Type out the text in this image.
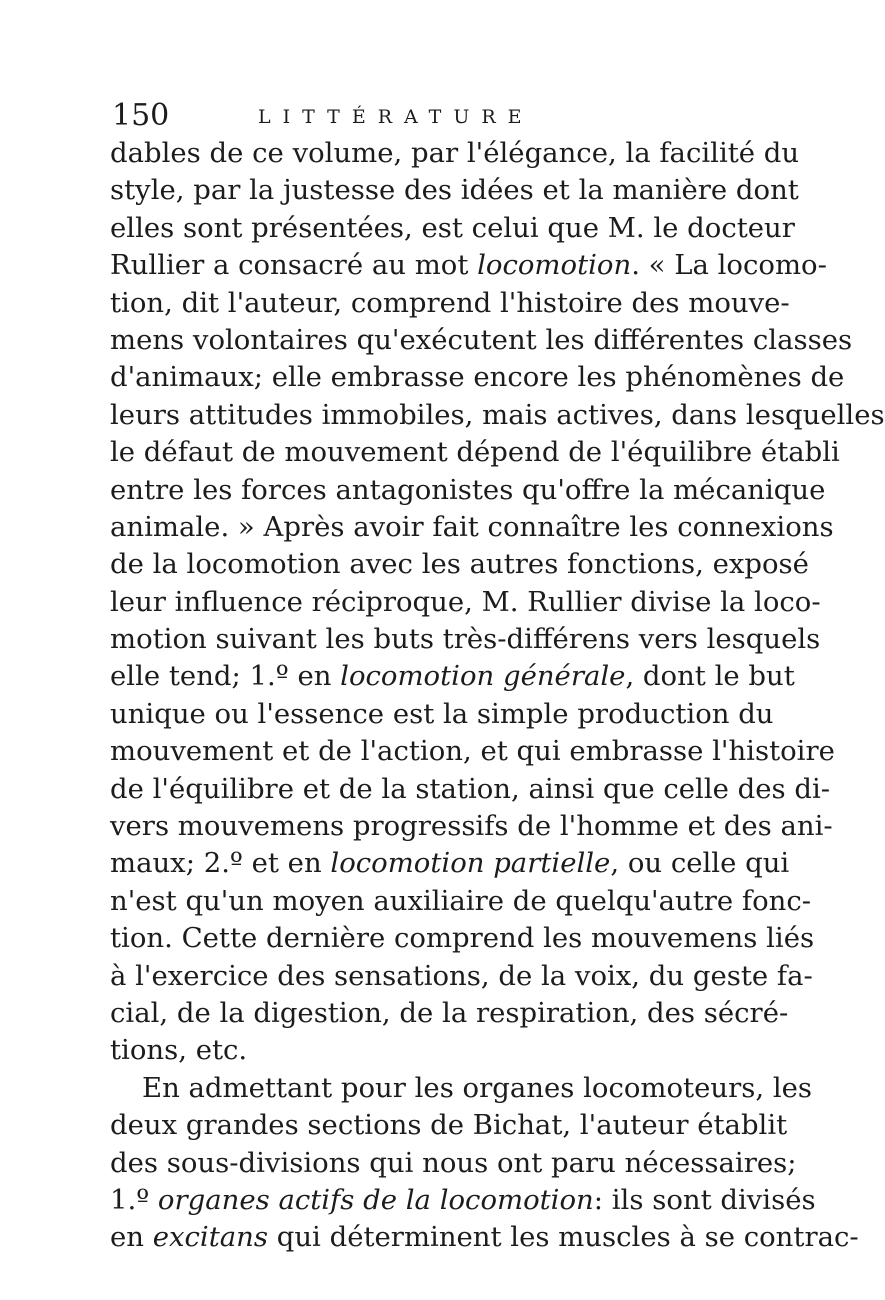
150	LITTÉRATURE
dables de ce volume, par l'élégance, la facilité du
style, par la justesse des idées et la manière dont
elles sont présentées, est celui que M. le docteur
Rullier a consacré au mot locomotion. « La locomo-
tion, dit l'auteur, comprend l'histoire des mouve-
mens volontaires qu'exécutent les différentes classes
d'animaux; elle embrasse encore les phénomènes de
leurs attitudes immobiles, mais actives, dans lesquelles
le défaut de mouvement dépend de l'équilibre établi
entre les forces antagonistes qu'offre la mécanique
animale. » Après avoir fait connaître les connexions
de la locomotion avec les autres fonctions, exposé
leur influence réciproque, M. Rullier divise la loco-
motion suivant les buts très-différens vers lesquels
elle tend; 1.º en locomotion générale, dont le but
unique ou l'essence est la simple production du
mouvement et de l'action, et qui embrasse l'histoire
de l'équilibre et de la station, ainsi que celle des di-
vers mouvemens progressifs de l'homme et des ani-
maux; 2.º et en locomotion partielle, ou celle qui
n'est qu'un moyen auxiliaire de quelqu'autre fonc-
tion. Cette dernière comprend les mouvemens liés
à l'exercice des sensations, de la voix, du geste fa-
cial, de la digestion, de la respiration, des sécré-
tions, etc.
En admettant pour les organes locomoteurs, les
deux grandes sections de Bichat, l'auteur établit
des sous-divisions qui nous ont paru nécessaires;
1.º organes actifs de la locomotion: ils sont divisés
en excitans qui déterminent les muscles à se contrac-
